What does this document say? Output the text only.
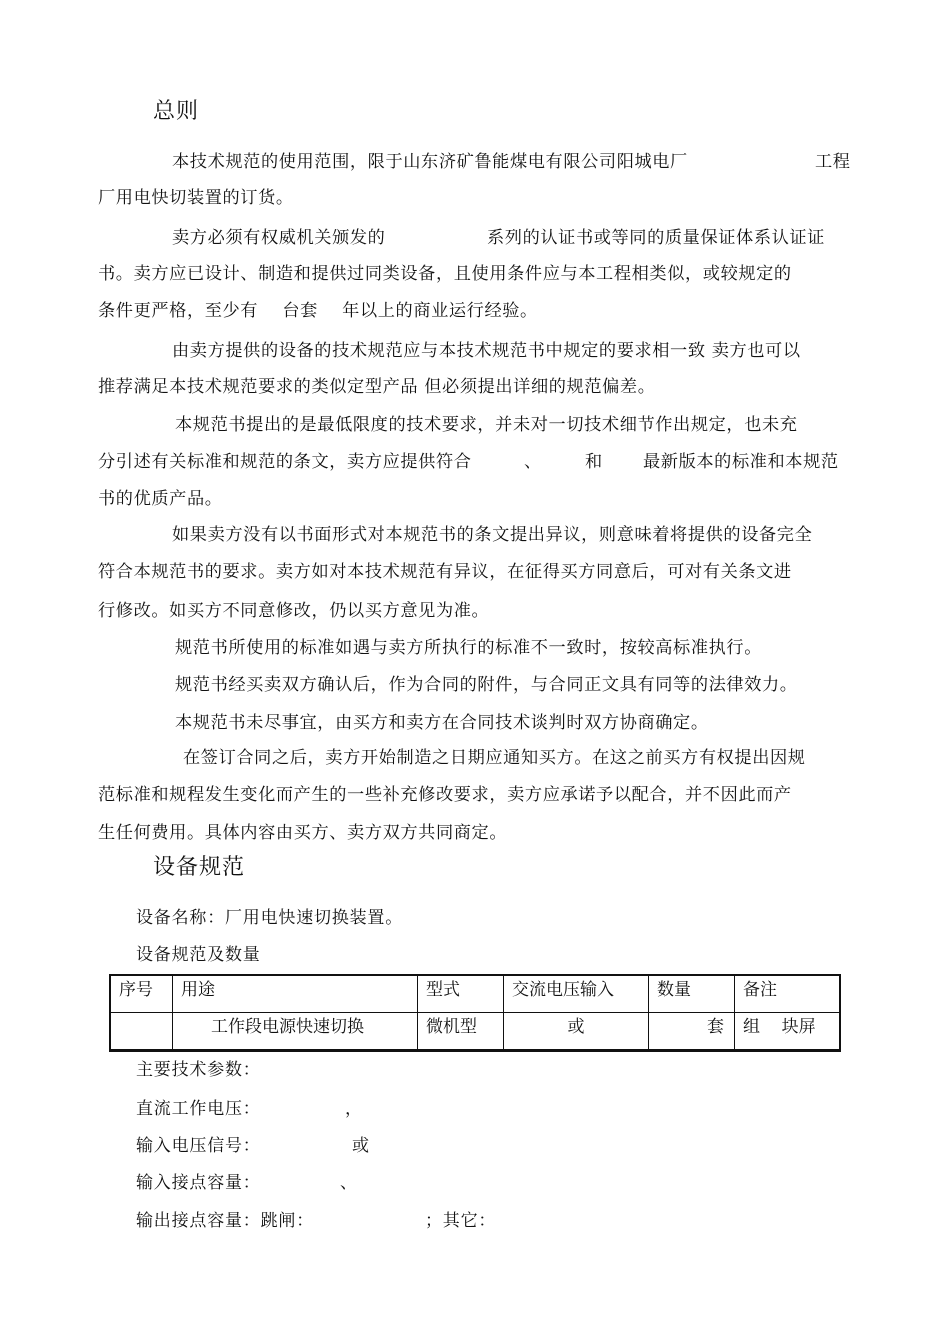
总则
本技术规范的使用范围，限于山东济矿鲁能煤电有限公司阳城电厂	工程
厂用电快切装置的订货。
卖方必须有权威机关颁发的	系列的认证书或等同的质量保证体系认证证
书。卖方应已设计、制造和提供过同类设备，且使用条件应与本工程相类似，或较规定的
条件更严格，至少有    台套    年以上的商业运行经验。
由卖方提供的设备的技术规范应与本技术规范书中规定的要求相一致 卖方也可以
推荐满足本技术规范要求的类似定型产品 但必须提出详细的规范偏差。
本规范书提出的是最低限度的技术要求，并未对一切技术细节作出规定，也未充
分引述有关标准和规范的条文，卖方应提供符合	、	和 最新版本的标准和本规范
书的优质产品。
如果卖方没有以书面形式对本规范书的条文提出异议，则意味着将提供的设备完全
符合本规范书的要求。卖方如对本技术规范有异议，在征得买方同意后，可对有关条文进
行修改。如买方不同意修改，仍以买方意见为准。
规范书所使用的标准如遇与卖方所执行的标准不一致时，按较高标准执行。
规范书经买卖双方确认后，作为合同的附件，与合同正文具有同等的法律效力。
本规范书未尽事宜，由买方和卖方在合同技术谈判时双方协商确定。
在签订合同之后，卖方开始制造之日期应通知买方。在这之前买方有权提出因规
范标准和规程发生变化而产生的一些补充修改要求，卖方应承诺予以配合，并不因此而产
生任何费用。具体内容由买方、卖方双方共同商定。
设备规范
设备名称：厂用电快速切换装置。
设备规范及数量
序号	用途	型式	交流电压输入	数量	备注
	工作段电源快速切换	微机型	或	套	组    块屏
主要技术参数：
直流工作电压：	，
输入电压信号：	或
输入接点容量：	、
输出接点容量：跳闸：	；其它：
